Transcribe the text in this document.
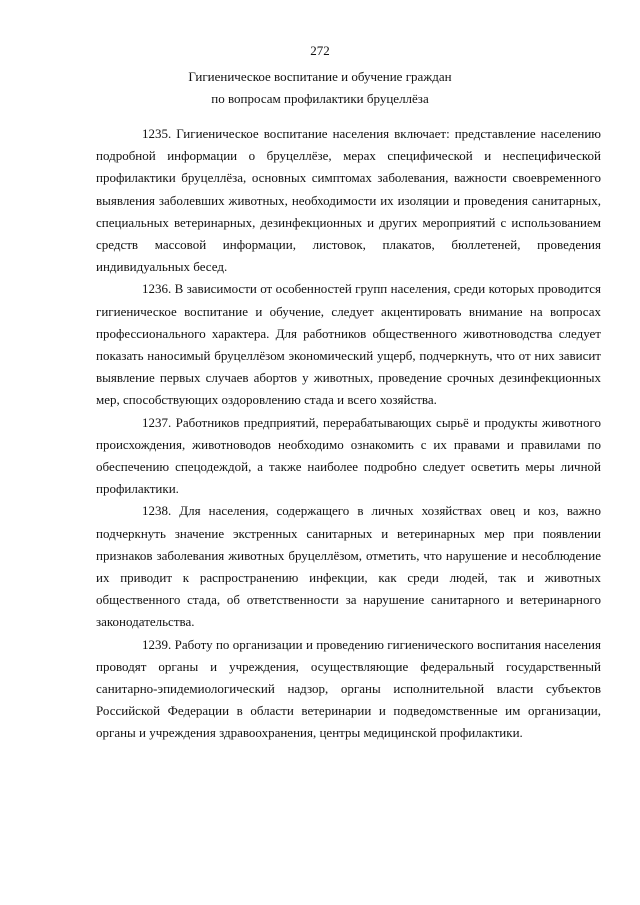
272
Гигиеническое воспитание и обучение граждан
по вопросам профилактики бруцеллёза

1235. Гигиеническое воспитание населения включает: представление населению подробной информации о бруцеллёзе, мерах специфической и неспецифической профилактики бруцеллёза, основных симптомах заболевания, важности своевременного выявления заболевших животных, необходимости их изоляции и проведения санитарных, специальных ветеринарных, дезинфекционных и других мероприятий с использованием средств массовой информации, листовок, плакатов, бюллетеней, проведения индивидуальных бесед.

1236. В зависимости от особенностей групп населения, среди которых проводится гигиеническое воспитание и обучение, следует акцентировать внимание на вопросах профессионального характера. Для работников общественного животноводства следует показать наносимый бруцеллёзом экономический ущерб, подчеркнуть, что от них зависит выявление первых случаев абортов у животных, проведение срочных дезинфекционных мер, способствующих оздоровлению стада и всего хозяйства.

1237. Работников предприятий, перерабатывающих сырьё и продукты животного происхождения, животноводов необходимо ознакомить с их правами и правилами по обеспечению спецодеждой, а также наиболее подробно следует осветить меры личной профилактики.

1238. Для населения, содержащего в личных хозяйствах овец и коз, важно подчеркнуть значение экстренных санитарных и ветеринарных мер при появлении признаков заболевания животных бруцеллёзом, отметить, что нарушение и несоблюдение их приводит к распространению инфекции, как среди людей, так и животных общественного стада, об ответственности за нарушение санитарного и ветеринарного законодательства.

1239. Работу по организации и проведению гигиенического воспитания населения проводят органы и учреждения, осуществляющие федеральный государственный санитарно-эпидемиологический надзор, органы исполнительной власти субъектов Российской Федерации в области ветеринарии и подведомственные им организации, органы и учреждения здравоохранения, центры медицинской профилактики.
